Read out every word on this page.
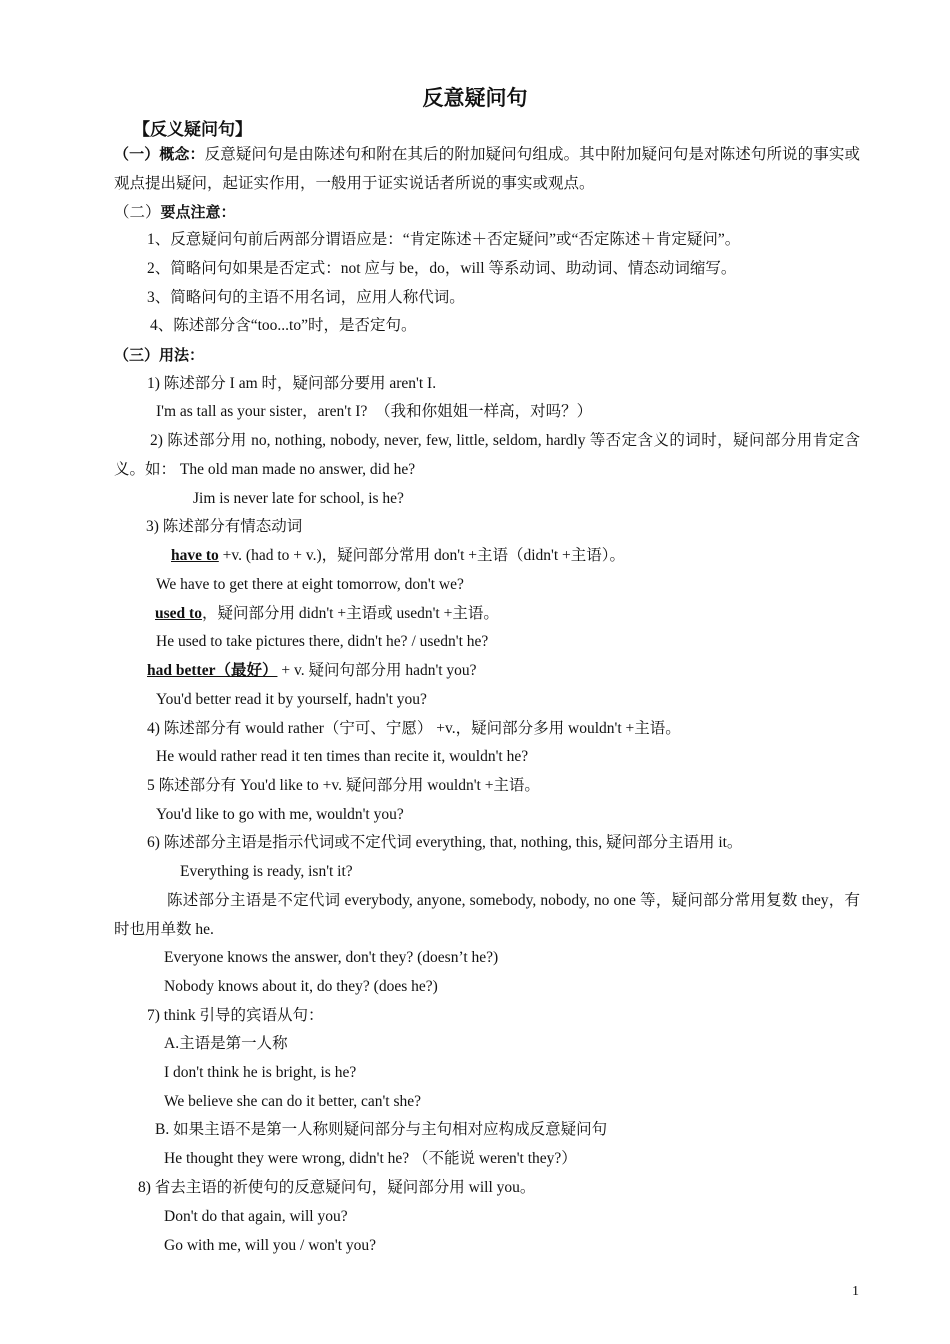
反意疑问句
【反义疑问句】
（一）概念：反意疑问句是由陈述句和附在其后的附加疑问句组成。其中附加疑问句是对陈述句所说的事实或观点提出疑问，起证实作用，一般用于证实说话者所说的事实或观点。
（二）要点注意：
1、反意疑问句前后两部分谓语应是：“肯定陈述＋否定疑问”或“否定陈述＋肯定疑问”。
2、简略问句如果是否定式：not 应与 be，do，will 等系动词、助动词、情态动词缩写。
3、简略问句的主语不用名词，应用人称代词。
4、陈述部分含“too...to”时，是否定句。
（三）用法：
1) 陈述部分 I am 时，疑问部分要用 aren't I.
I'm as tall as your sister，aren't I?　（我和你姐姐一样高，对吗？）
2) 陈述部分用 no, nothing, nobody, never, few, little, seldom, hardly 等否定含义的词时，疑问部分用肯定含义。如： The old man made no answer, did he?
Jim is never late for school, is he?
3) 陈述部分有情态动词
have to +v. (had to + v.)，疑问部分常用 don't +主语（didn't +主语）。
We have to get there at eight tomorrow, don't we?
used to，疑问部分用 didn't +主语或 usedn't +主语。
He used to take pictures there, didn't he? / usedn't he?
had better（最好） + v. 疑问句部分用 hadn't you?
You'd better read it by yourself, hadn't you?
4) 陈述部分有 would rather（宁可、宁愿） +v.，疑问部分多用 wouldn't +主语。
He would rather read it ten times than recite it, wouldn't he?
5 陈述部分有 You'd like to +v. 疑问部分用 wouldn't +主语。
You'd like to go with me, wouldn't you?
6) 陈述部分主语是指示代词或不定代词 everything, that, nothing, this, 疑问部分主语用 it。
Everything is ready, isn't it?
陈述部分主语是不定代词 everybody, anyone, somebody, nobody, no one 等，疑问部分常用复数 they，有时也用单数 he.
Everyone knows the answer, don't they? (doesn’t he?)
Nobody knows about it, do they? (does he?)
7) think 引导的宾语从句：
A.主语是第一人称
I don't think he is bright, is he?
We believe she can do it better, can't she?
B. 如果主语不是第一人称则疑问部分与主句相对应构成反意疑问句
He thought they were wrong, didn't he? （不能说 weren't they?）
8) 省去主语的祈使句的反意疑问句，疑问部分用 will you。
Don't do that again, will you?
Go with me, will you / won't you?
1
